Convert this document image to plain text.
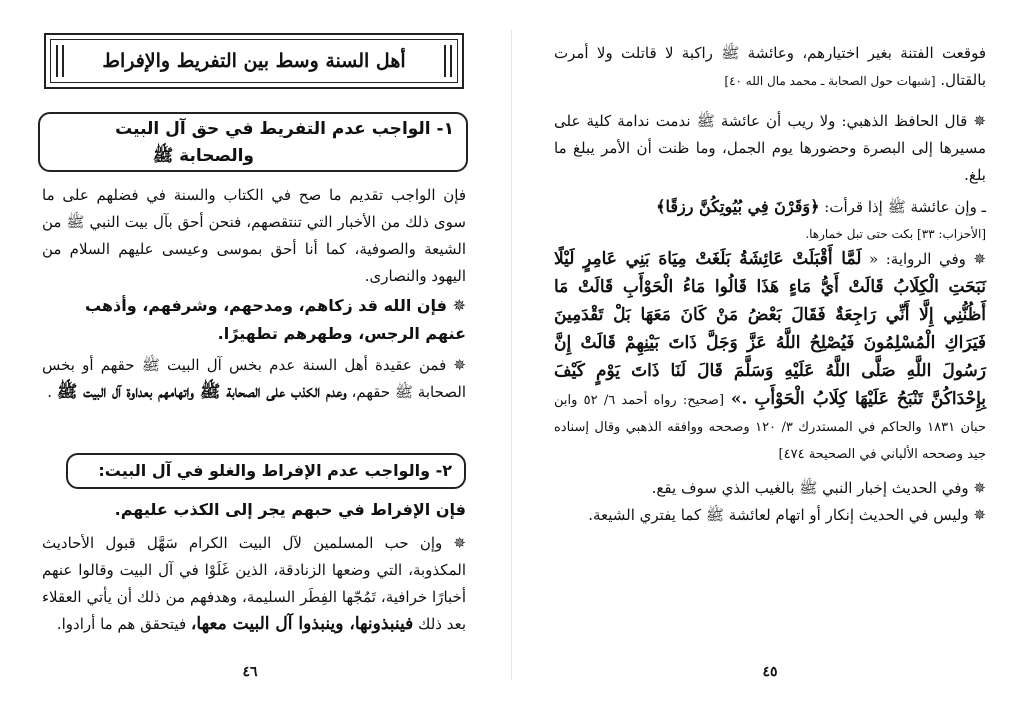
أهل السنة وسط بين التفريط والإفراط
١- الواجب عدم التفريط في حق آل البيت
والصحابة ﷺ
فإن الواجب تقديم ما صح في الكتاب والسنة في فضلهم على ما سوى ذلك من الأخبار التي تنتقصهم، فنحن أحق بآل بيت النبي ﷺ من الشيعة والصوفية، كما أنا أحق بموسى وعيسى عليهم السلام من اليهود والنصارى.
✵ فإن الله قد زكاهم، ومدحهم، وشرفهم، وأذهب عنهم الرجس، وطهرهم تطهيرًا.
✵ فمن عقيدة أهل السنة عدم بخس آل البيت ﷺ حقهم أو بخس الصحابة ﷺ حقهم، وعدم الكذب على الصحابة ﷺ واتهامهم بعداوة آل البيت ﷺ .
٢- والواجب عدم الإفراط والغلو في آل البيت:
فإن الإفراط في حبهم يجر إلى الكذب عليهم.
✵ وإن حب المسلمين لآل البيت الكرام سَهَّل قبول الأحاديث المكذوبة، التي وضعها الزنادقة، الذين غَلَوْا في آل البيت وقالوا عنهم أخبارًا خرافية، تَمُجّها الفِطَر السليمة، وهدفهم من ذلك أن يأتي العقلاء بعد ذلك فينبذونها، وينبذوا آل البيت معها، فيتحقق هم ما أرادوا.
٤٦
فوقعت الفتنة بغير اختيارهم، وعائشة ﷺ راكبة لا قاتلت ولا أمرت بالقتال. [شبهات حول الصحابة ـ محمد مال الله ٤٠]
✵ قال الحافظ الذهبي: ولا ريب أن عائشة ﷺ ندمت ندامة كلية على مسيرها إلى البصرة وحضورها يوم الجمل، وما ظنت أن الأمر يبلغ ما بلغ.
ـ وإن عائشة ﷺ إذا قرأت: ﴿وَقَرْنَ فِي بُيُوتِكُنَّ رزقًا﴾
[الأحزاب: ٣٣] بكت حتى تبل خمارها.
✵ وفي الرواية: « لَمَّا أَقْبَلَتْ عَائِشَةُ بَلَغَتْ مِيَاهَ بَنِي عَامِرٍ لَيْلًا نَبَحَتِ الْكِلَابُ قَالَتْ أَيُّ مَاءٍ هَذَا قَالُوا مَاءُ الْحَوْأَبِ قَالَتْ مَا أَظُنُّنِي إِلَّا أَنِّي رَاجِعَةٌ فَقَالَ بَعْضُ مَنْ كَانَ مَعَهَا بَلْ تَقْدَمِينَ فَيَرَاكِ الْمُسْلِمُونَ فَيُصْلِحُ اللَّهُ عَزَّ وَجَلَّ ذَاتَ بَيْنِهِمْ قَالَتْ إِنَّ رَسُولَ اللَّهِ صَلَّى اللَّهُ عَلَيْهِ وَسَلَّمَ قَالَ لَنَا ذَاتَ يَوْمٍ كَيْفَ بِإِحْدَاكُنَّ تَنْبَحُ عَلَيْهَا كِلَابُ الْحَوْأَبِ .» [صحيح: رواه أحمد ٦/ ٥٢ وابن حبان ١٨٣١ والحاكم في المستدرك ٣/ ١٢٠ وصححه ووافقه الذهبي وقال إسناده جيد وصححه الألباني في الصحيحة ٤٧٤]
✵ وفي الحديث إخبار النبي ﷺ بالغيب الذي سوف يقع.
✵ وليس في الحديث إنكار أو اتهام لعائشة ﷺ كما يفتري الشيعة.
٤٥
